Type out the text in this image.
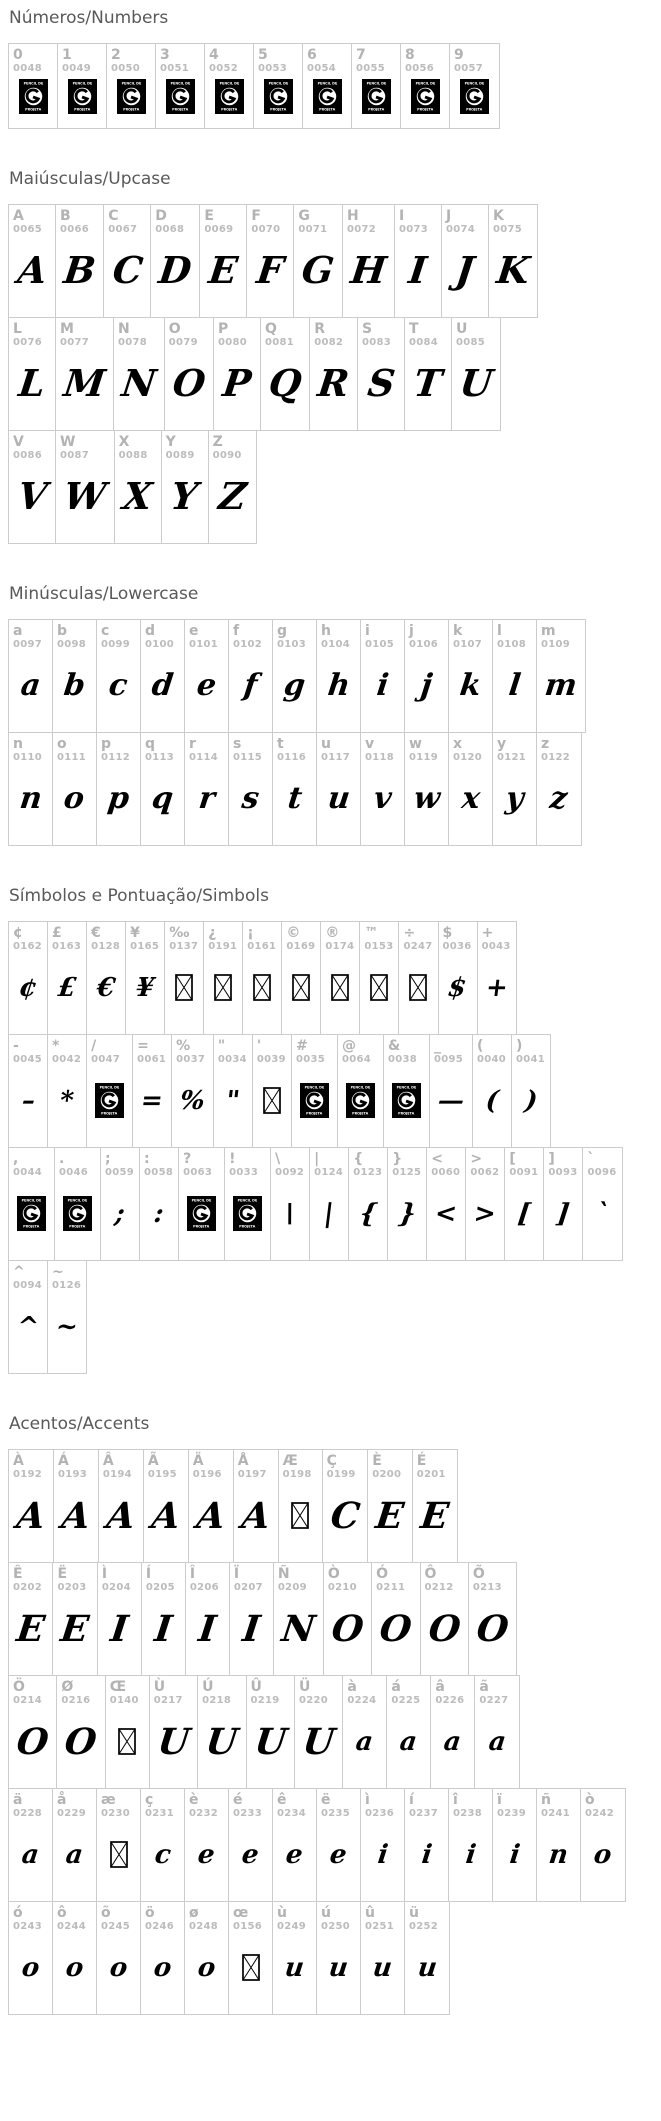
Números/Numbers
0
0048
PENCIL DE
PROJETA
1
0049
PENCIL DE
PROJETA
2
0050
PENCIL DE
PROJETA
3
0051
PENCIL DE
PROJETA
4
0052
PENCIL DE
PROJETA
5
0053
PENCIL DE
PROJETA
6
0054
PENCIL DE
PROJETA
7
0055
PENCIL DE
PROJETA
8
0056
PENCIL DE
PROJETA
9
0057
PENCIL DE
PROJETA
Maiúsculas/Upcase
A
0065
A
B
0066
B
C
0067
C
D
0068
D
E
0069
E
F
0070
F
G
0071
G
H
0072
H
I
0073
I
J
0074
J
K
0075
K
L
0076
L
M
0077
M
N
0078
N
O
0079
O
P
0080
P
Q
0081
Q
R
0082
R
S
0083
S
T
0084
T
U
0085
U
V
0086
V
W
0087
W
X
0088
X
Y
0089
Y
Z
0090
Z
Minúsculas/Lowercase
a
0097
a
b
0098
b
c
0099
c
d
0100
d
e
0101
e
f
0102
f
g
0103
g
h
0104
h
i
0105
i
j
0106
j
k
0107
k
l
0108
l
m
0109
m
n
0110
n
o
0111
o
p
0112
p
q
0113
q
r
0114
r
s
0115
s
t
0116
t
u
0117
u
v
0118
v
w
0119
w
x
0120
x
y
0121
y
z
0122
z
Símbolos e Pontuação/Simbols
¢
0162
¢
£
0163
£
€
0128
€
¥
0165
¥
‰
0137
¿
0191
¡
0161
©
0169
®
0174
™
0153
÷
0247
$
0036
$
+
0043
+
-
0045
–
*
0042
*
/
0047
PENCIL DE
PROJETA
=
0061
=
%
0037
%
"
0034
"
'
0039
#
0035
PENCIL DE
PROJETA
@
0064
PENCIL DE
PROJETA
&
0038
PENCIL DE
PROJETA
_
0095
—
(
0040
(
)
0041
)
,
0044
PENCIL DE
PROJETA
.
0046
PENCIL DE
PROJETA
;
0059
;
:
0058
:
?
0063
PENCIL DE
PROJETA
!
0033
PENCIL DE
PROJETA
\
0092
\
|
0124
|
{
0123
{
}
0125
}
<
0060
<
>
0062
>
[
0091
[
]
0093
]
`
0096
`
^
0094
^
~
0126
~
Acentos/Accents
À
0192
A
Á
0193
A
Â
0194
A
Ã
0195
A
Ä
0196
A
Å
0197
A
Æ
0198
Ç
0199
C
È
0200
E
É
0201
E
Ê
0202
E
Ë
0203
E
Ì
0204
I
Í
0205
I
Î
0206
I
Ï
0207
I
Ñ
0209
N
Ò
0210
O
Ó
0211
O
Ô
0212
O
Õ
0213
O
Ö
0214
O
Ø
0216
O
Œ
0140
Ù
0217
U
Ú
0218
U
Û
0219
U
Ü
0220
U
à
0224
a
á
0225
a
â
0226
a
ã
0227
a
ä
0228
a
å
0229
a
æ
0230
ç
0231
c
è
0232
e
é
0233
e
ê
0234
e
ë
0235
e
ì
0236
i
í
0237
i
î
0238
i
ï
0239
i
ñ
0241
n
ò
0242
o
ó
0243
o
ô
0244
o
õ
0245
o
ö
0246
o
ø
0248
o
œ
0156
ù
0249
u
ú
0250
u
û
0251
u
ü
0252
u
